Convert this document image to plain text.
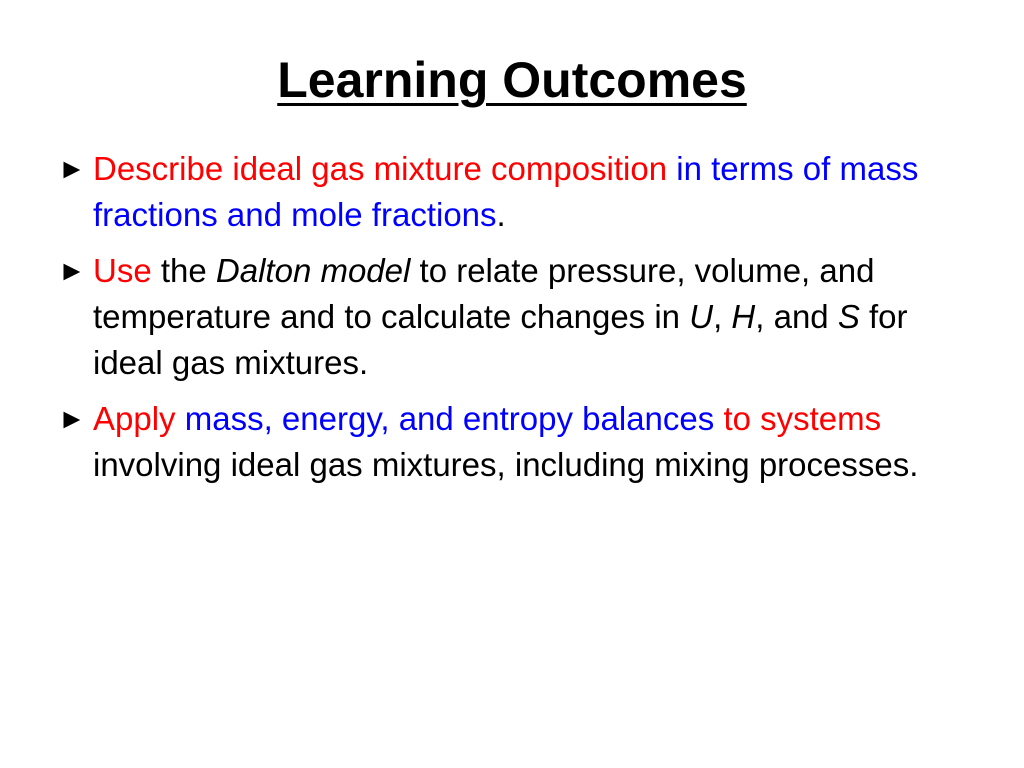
Learning Outcomes
► Describe ideal gas mixture composition in terms of mass fractions and mole fractions.
► Use the Dalton model to relate pressure, volume, and temperature and to calculate changes in U, H, and S for ideal gas mixtures.
► Apply mass, energy, and entropy balances to systems involving ideal gas mixtures, including mixing processes.
